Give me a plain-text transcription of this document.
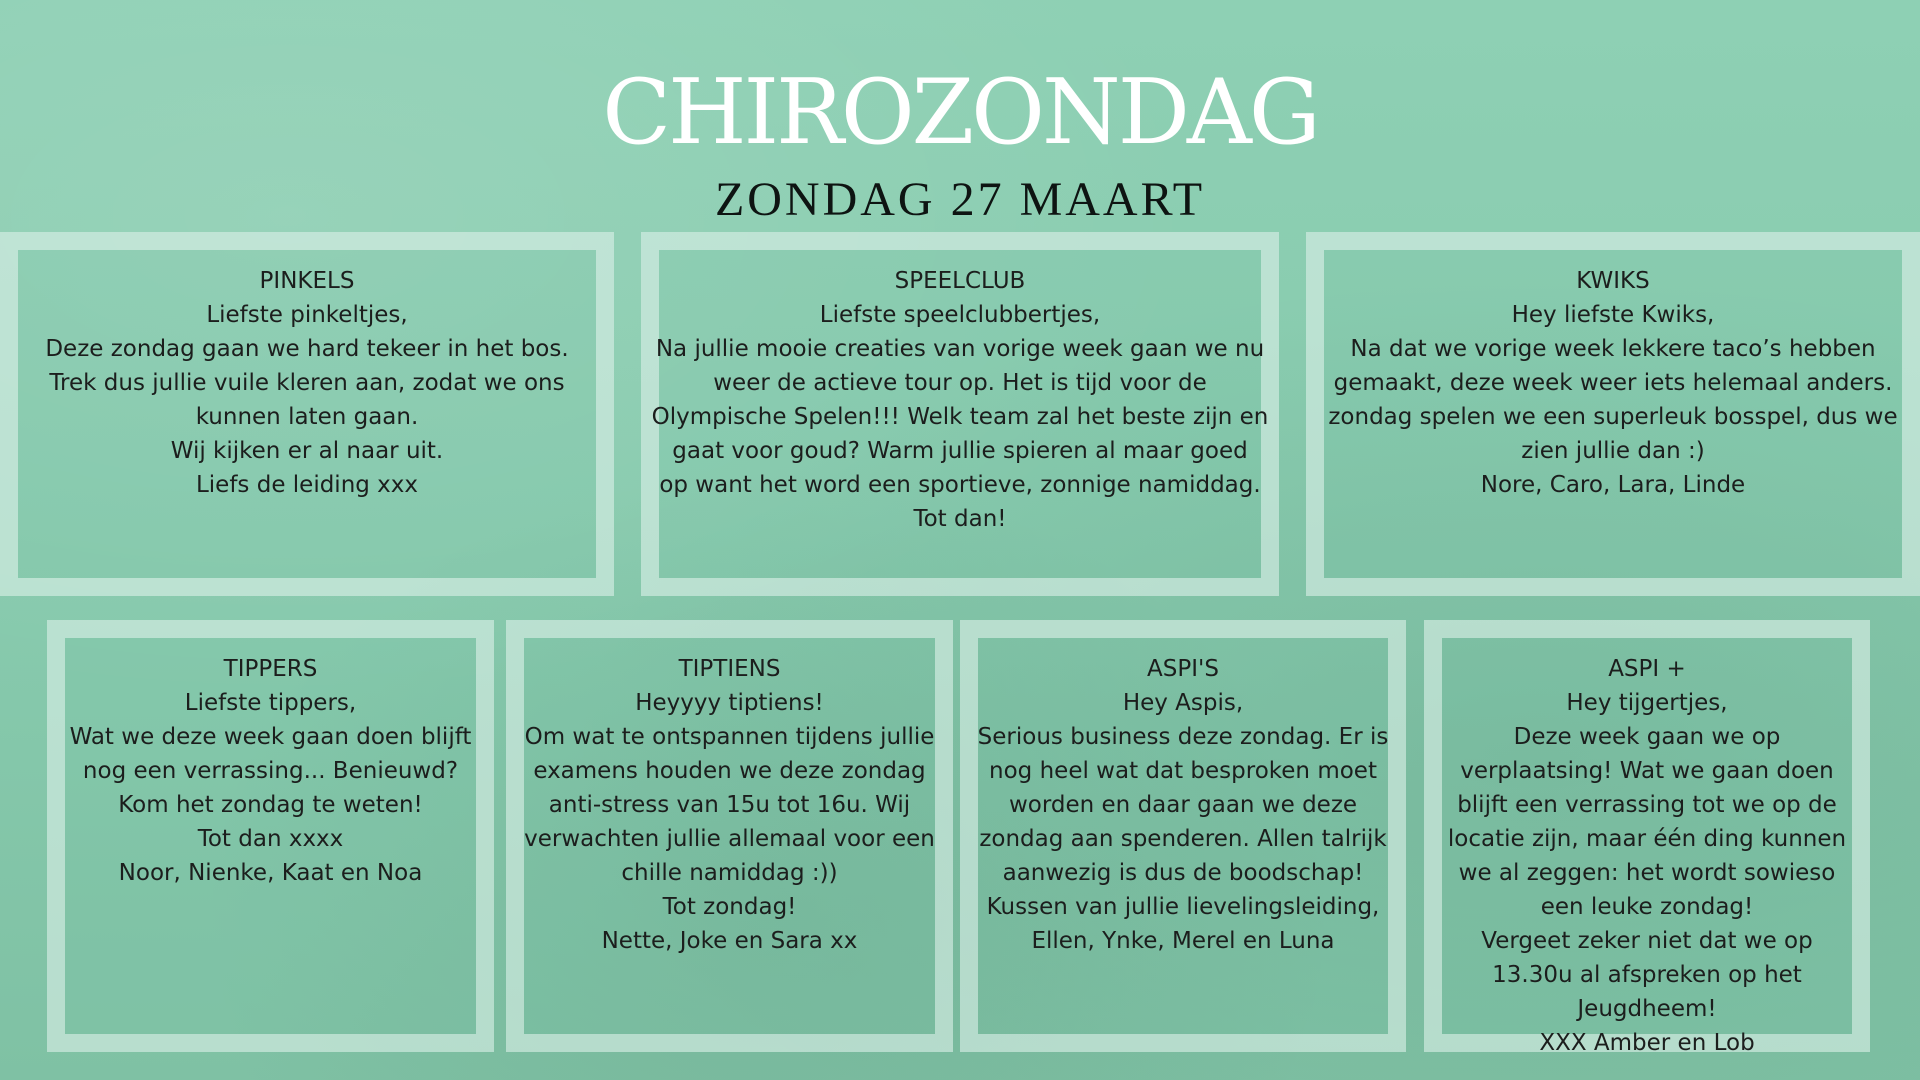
CHIROZONDAG
ZONDAG 27 MAART
PINKELS
Liefste pinkeltjes,
Deze zondag gaan we hard tekeer in het bos.
Trek dus jullie vuile kleren aan, zodat we ons
kunnen laten gaan.
Wij kijken er al naar uit.
Liefs de leiding xxx
SPEELCLUB
Liefste speelclubbertjes,
Na jullie mooie creaties van vorige week gaan we nu
weer de actieve tour op. Het is tijd voor de
Olympische Spelen!!! Welk team zal het beste zijn en
gaat voor goud? Warm jullie spieren al maar goed
op want het word een sportieve, zonnige namiddag.
Tot dan!
KWIKS
Hey liefste Kwiks,
Na dat we vorige week lekkere taco’s hebben
gemaakt, deze week weer iets helemaal anders.
zondag spelen we een superleuk bosspel, dus we
zien jullie dan :)
Nore, Caro, Lara, Linde
TIPPERS
Liefste tippers,
Wat we deze week gaan doen blijft
nog een verrassing... Benieuwd?
Kom het zondag te weten!
Tot dan xxxx
Noor, Nienke, Kaat en Noa
TIPTIENS
Heyyyy tiptiens!
Om wat te ontspannen tijdens jullie
examens houden we deze zondag
anti-stress van 15u tot 16u. Wij
verwachten jullie allemaal voor een
chille namiddag :))
Tot zondag!
Nette, Joke en Sara xx
ASPI'S
Hey Aspis,
Serious business deze zondag. Er is
nog heel wat dat besproken moet
worden en daar gaan we deze
zondag aan spenderen. Allen talrijk
aanwezig is dus de boodschap!
Kussen van jullie lievelingsleiding,
Ellen, Ynke, Merel en Luna
ASPI +
Hey tijgertjes,
Deze week gaan we op
verplaatsing! Wat we gaan doen
blijft een verrassing tot we op de
locatie zijn, maar één ding kunnen
we al zeggen: het wordt sowieso
een leuke zondag!
Vergeet zeker niet dat we op
13.30u al afspreken op het
Jeugdheem!
XXX Amber en Lob
